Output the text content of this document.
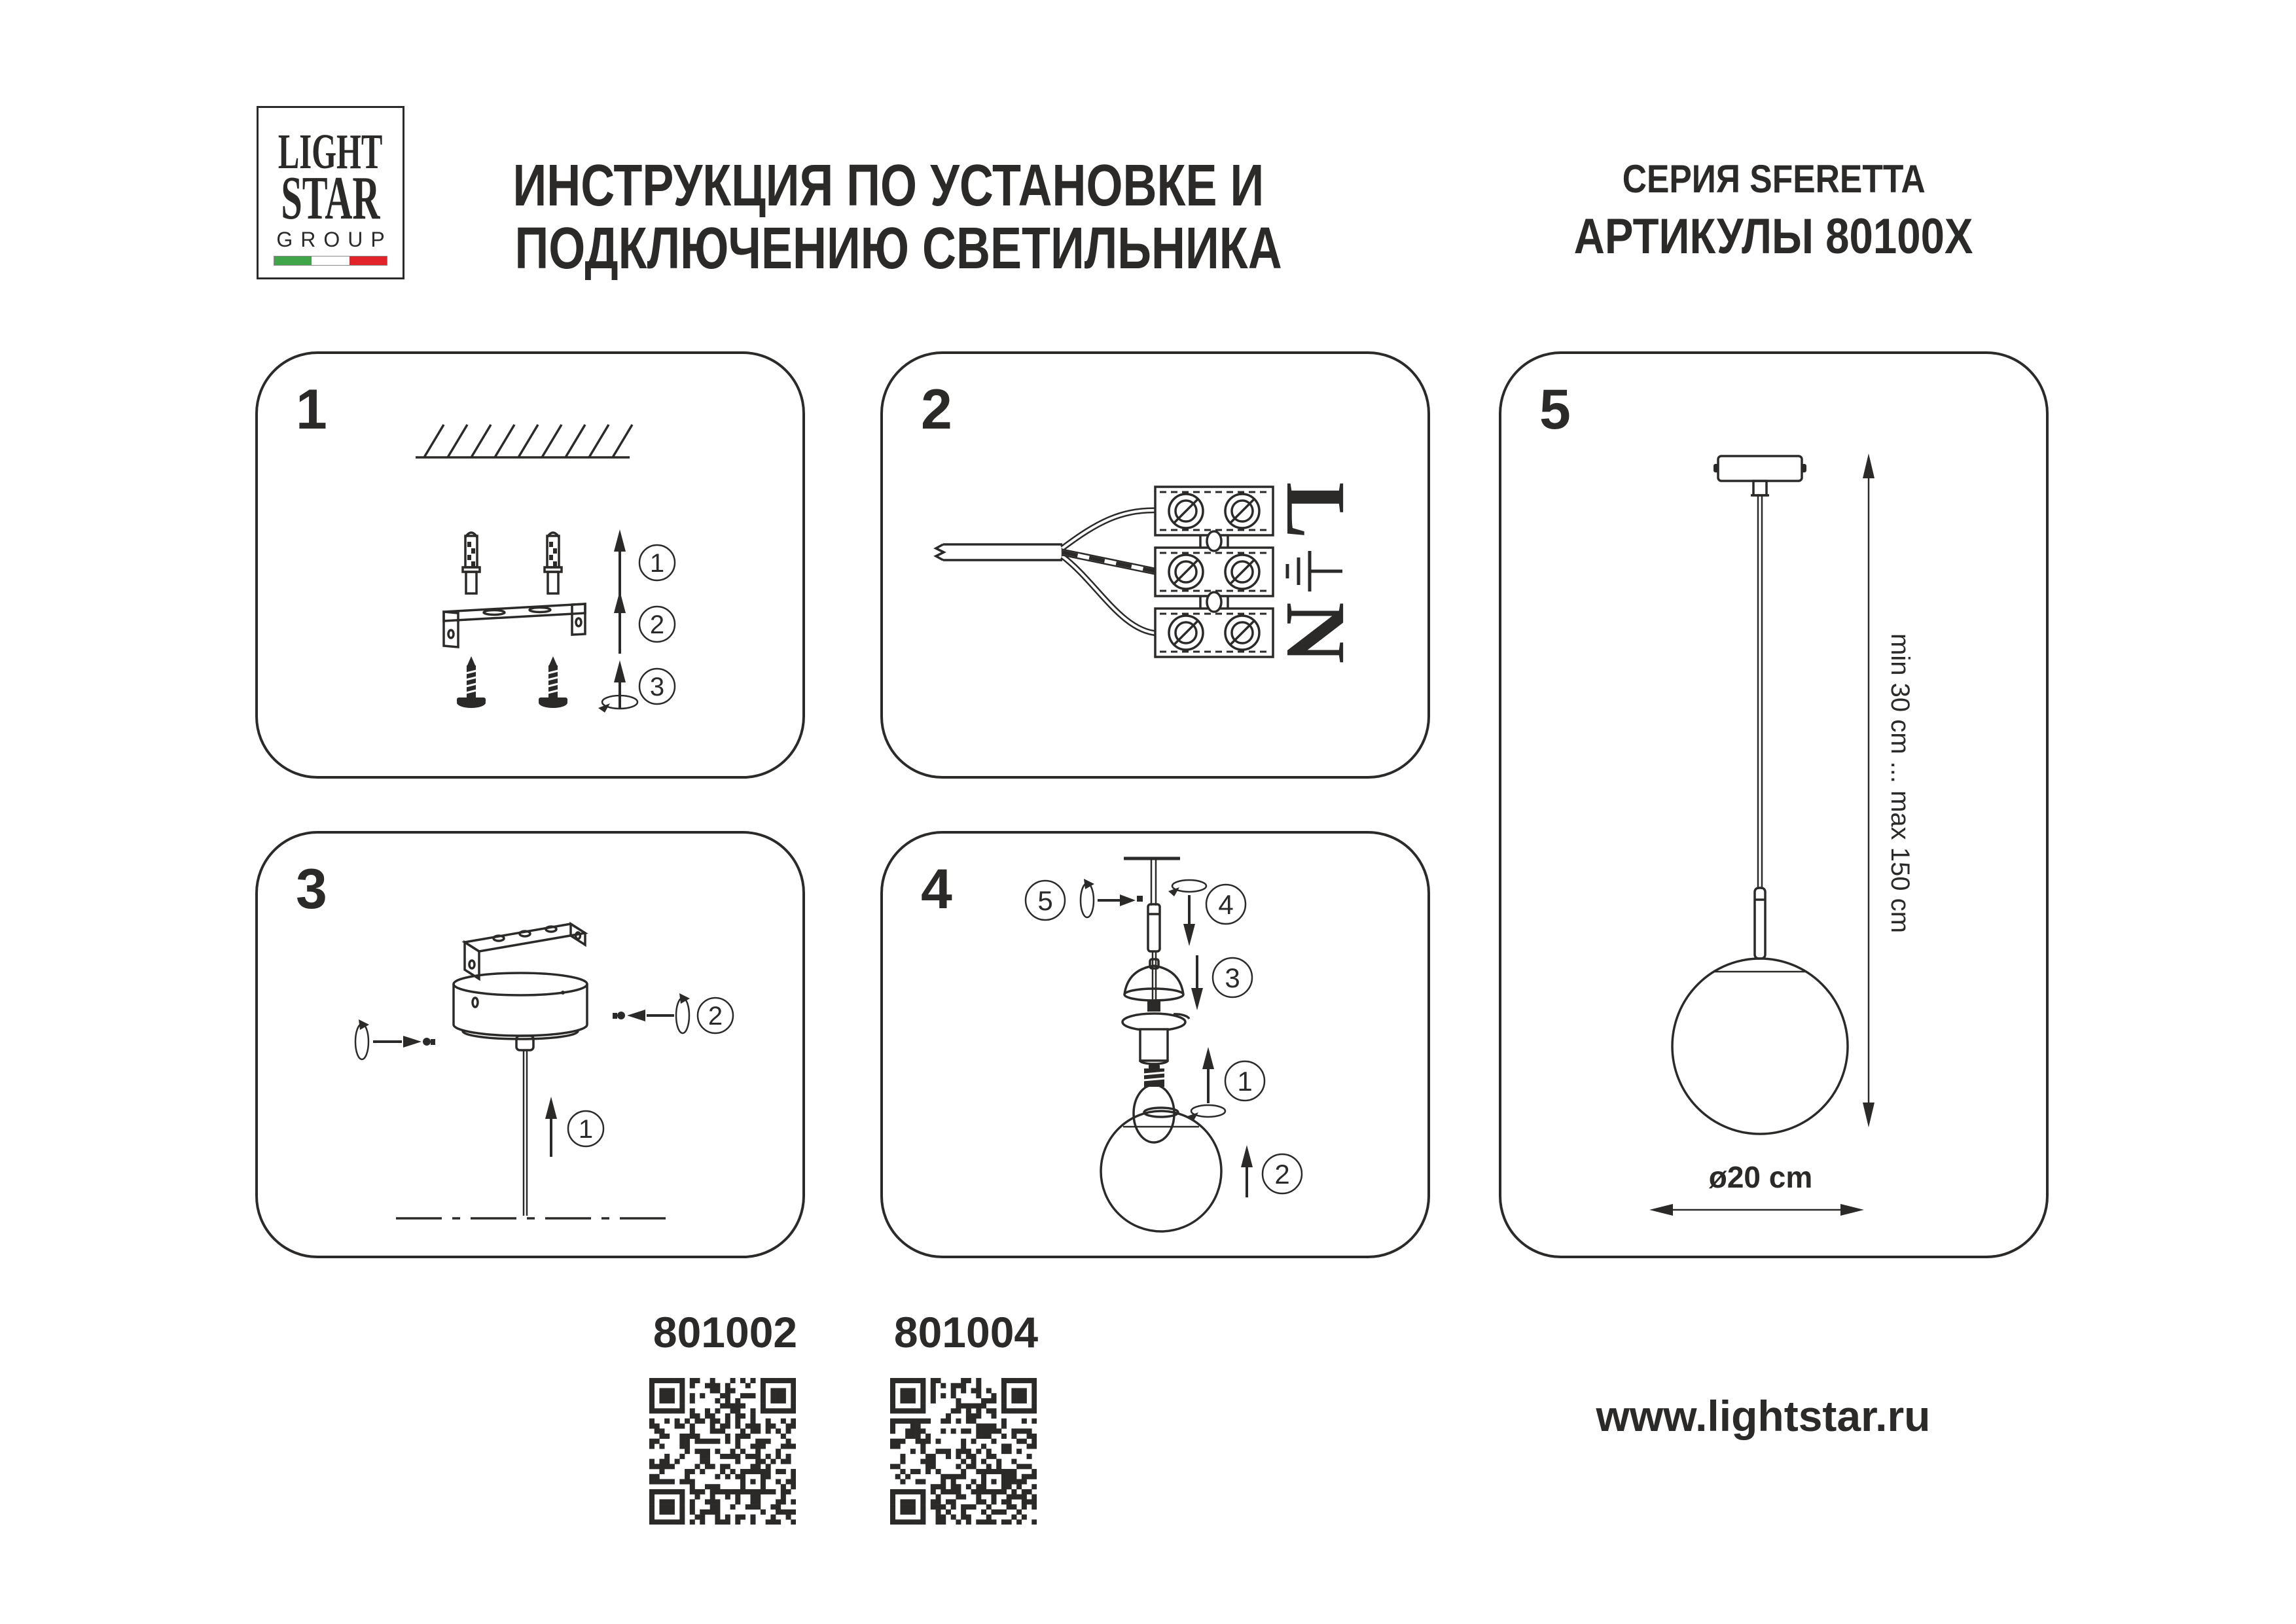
LIGHT
STAR
GROUP
ИНСТРУКЦИЯ ПО УСТАНОВКЕ И
ПОДКЛЮЧЕНИЮ СВЕТИЛЬНИКА
СЕРИЯ SFERETTA
АРТИКУЛЫ 80100X
1
1
2
3
2
L
N
3
1
2
4	5	4
3
1
2
5
min 30 cm ... max 150 cm
ø20 cm
801002	801004
www.lightstar.ru
